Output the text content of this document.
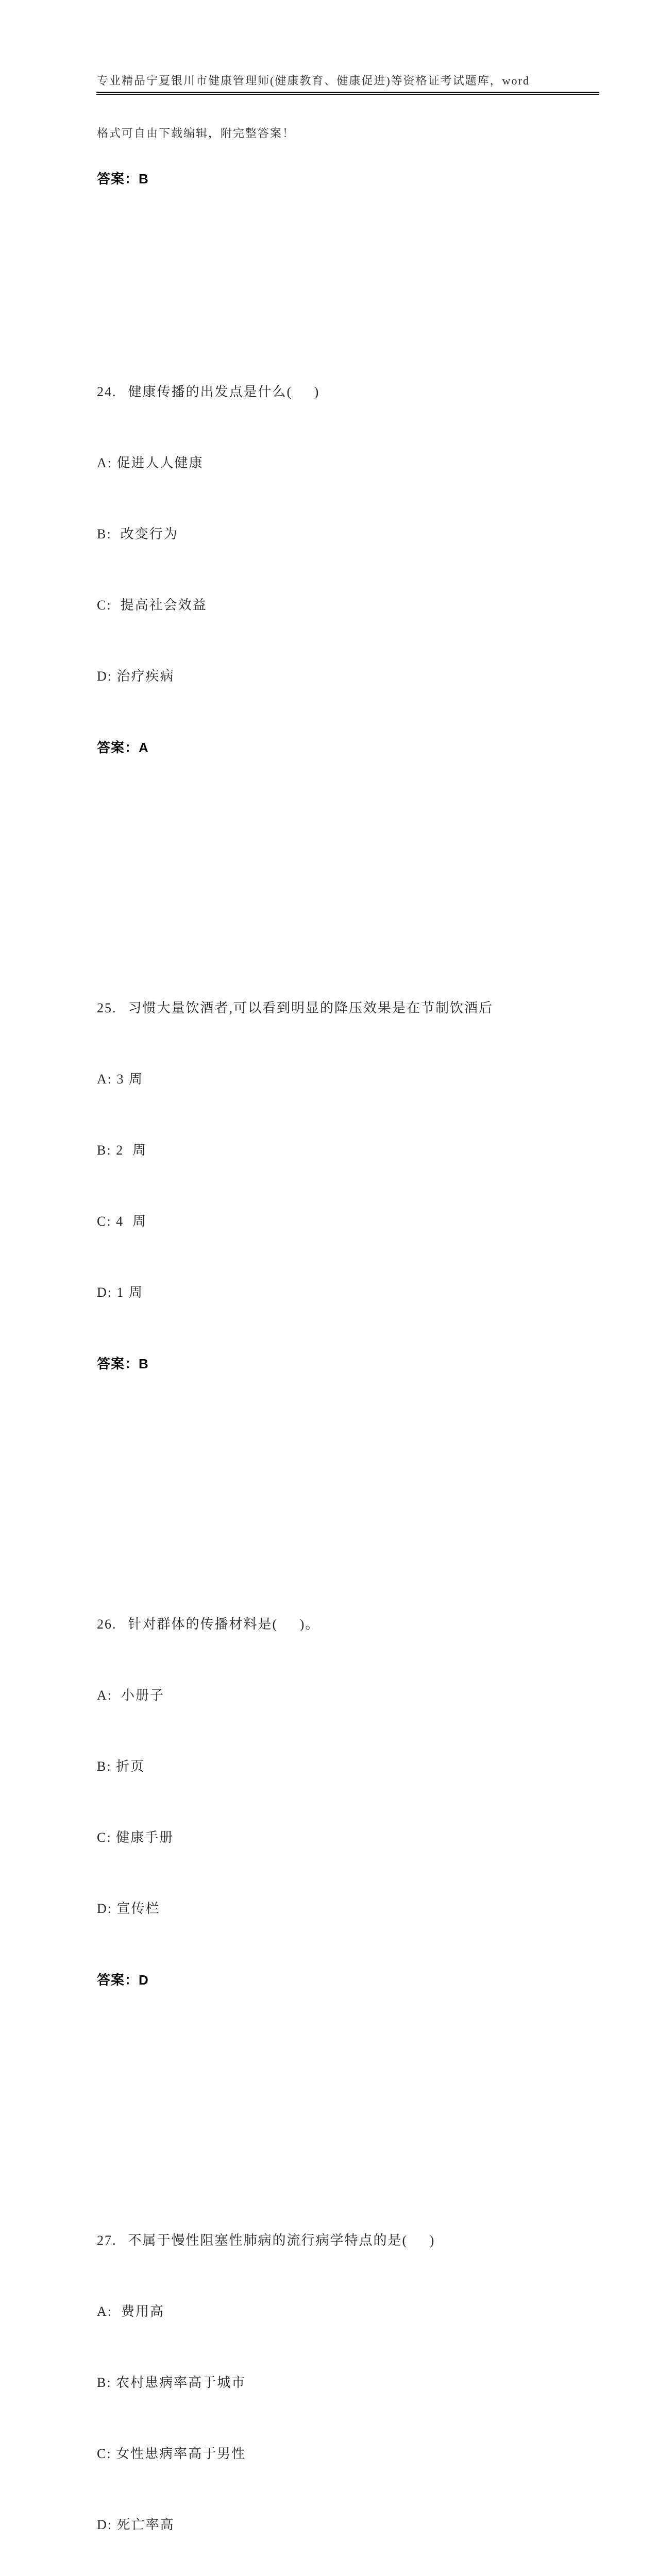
专业精品宁夏银川市健康管理师(健康教育、健康促进)等资格证考试题库，word

格式可自由下载编辑，附完整答案！

答案：B

24. 健康传播的出发点是什么(     )

A: 促进人人健康

B:  改变行为

C:  提高社会效益

D: 治疗疾病

答案：A

25. 习惯大量饮酒者,可以看到明显的降压效果是在节制饮酒后

A: 3 周

B: 2  周

C: 4  周

D: 1 周

答案：B

26. 针对群体的传播材料是(     )。

A:  小册子

B: 折页

C: 健康手册

D: 宣传栏

答案：D

27. 不属于慢性阻塞性肺病的流行病学特点的是(     )

A:  费用高

B: 农村患病率高于城市

C: 女性患病率高于男性

D: 死亡率高
